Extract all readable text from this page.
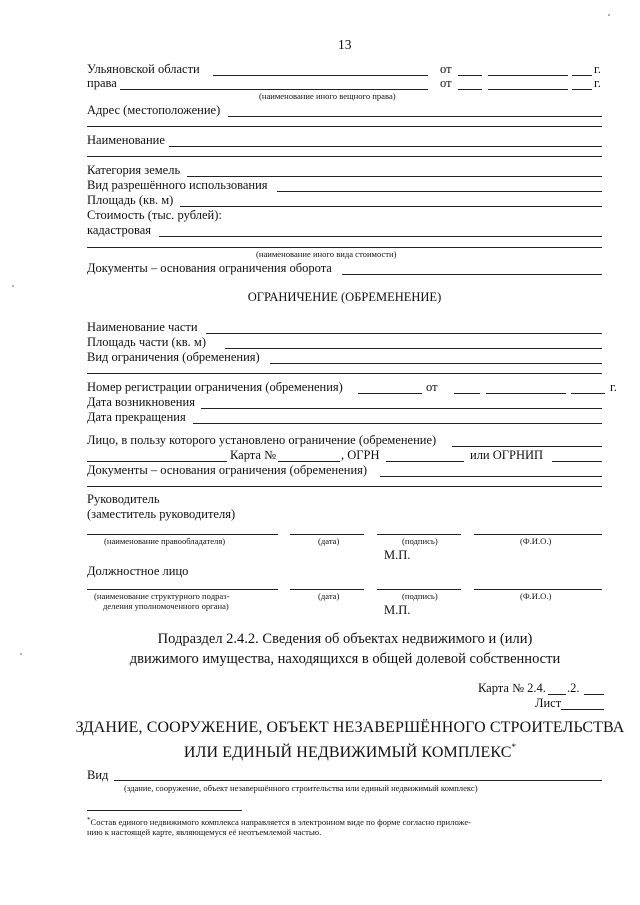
13
Ульяновской области	от	г.
права	от	г.
(наименование иного вещного права)
Адрес (местоположение)
Наименование
Категория земель
Вид разрешённого использования
Площадь (кв. м)
Стоимость (тыс. рублей):
кадастровая
(наименование иного вида стоимости)
Документы – основания ограничения оборота
ОГРАНИЧЕНИЕ (ОБРЕМЕНЕНИЕ)
Наименование части
Площадь части (кв. м)
Вид ограничения (обременения)
Номер регистрации ограничения (обременения)	от	г.
Дата возникновения
Дата прекращения
Лицо, в пользу которого установлено ограничение (обременение)
Карта №	, ОГРН	или ОГРНИП
Документы – основания ограничения (обременения)
Руководитель
(заместитель руководителя)
(наименование правообладателя)	(дата)	(подпись)	(Ф.И.О.)
М.П.
Должностное лицо
(наименование структурного подраз-
деления уполномоченного органа)
(дата)	(подпись)	(Ф.И.О.)
М.П.
Подраздел 2.4.2. Сведения об объектах недвижимого и (или)
движимого имущества, находящихся в общей долевой собственности
Карта № 2.4. .2.
Лист
ЗДАНИЕ, СООРУЖЕНИЕ, ОБЪЕКТ НЕЗАВЕРШЁННОГО СТРОИТЕЛЬСТВА
ИЛИ ЕДИНЫЙ НЕДВИЖИМЫЙ КОМПЛЕКС*
Вид
(здание, сооружение, объект незавершённого строительства или единый недвижимый комплекс)
*Состав единого недвижимого комплекса направляется в электронном виде по форме согласно приложе-
нию к настоящей карте, являющемуся её неотъемлемой частью.
